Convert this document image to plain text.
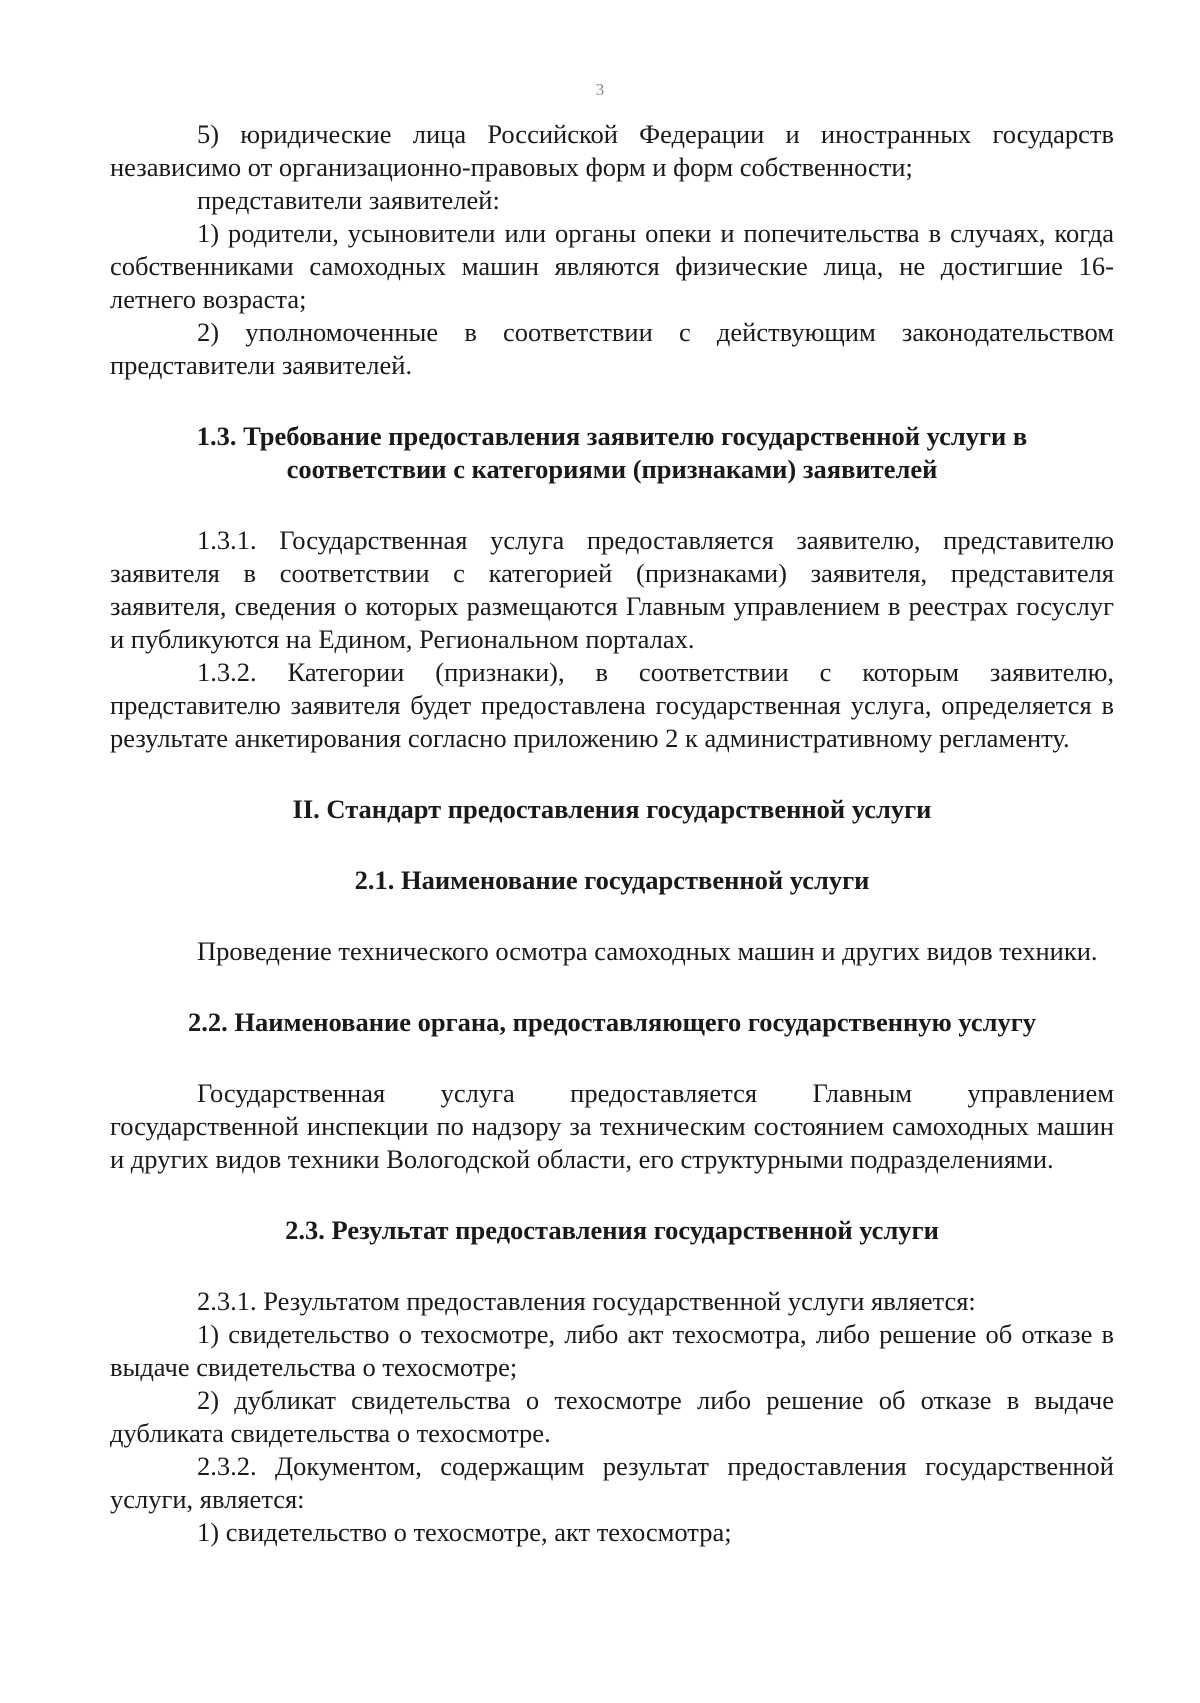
3

5) юридические лица Российской Федерации и иностранных государств независимо от организационно-правовых форм и форм собственности;

представители заявителей:

1) родители, усыновители или органы опеки и попечительства в случаях, когда собственниками самоходных машин являются физические лица, не достигшие 16-летнего возраста;

2) уполномоченные в соответствии с действующим законодательством представители заявителей.

1.3. Требование предоставления заявителю государственной услуги в соответствии с категориями (признаками) заявителей

1.3.1. Государственная услуга предоставляется заявителю, представителю заявителя в соответствии с категорией (признаками) заявителя, представителя заявителя, сведения о которых размещаются Главным управлением в реестрах госуслуг и публикуются на Едином, Региональном порталах.

1.3.2. Категории (признаки), в соответствии с которым заявителю, представителю заявителя будет предоставлена государственная услуга, определяется в результате анкетирования согласно приложению 2 к административному регламенту.

II. Стандарт предоставления государственной услуги
2.1. Наименование государственной услуги

Проведение технического осмотра самоходных машин и других видов техники.

2.2. Наименование органа, предоставляющего государственную услугу

Государственная услуга предоставляется Главным управлением государственной инспекции по надзору за техническим состоянием самоходных машин и других видов техники Вологодской области, его структурными подразделениями.

2.3. Результат предоставления государственной услуги

2.3.1. Результатом предоставления государственной услуги является:

1) свидетельство о техосмотре, либо акт техосмотра, либо решение об отказе в выдаче свидетельства о техосмотре;

2) дубликат свидетельства о техосмотре либо решение об отказе в выдаче дубликата свидетельства о техосмотре.

2.3.2. Документом, содержащим результат предоставления государственной услуги, является:

1) свидетельство о техосмотре, акт техосмотра;
